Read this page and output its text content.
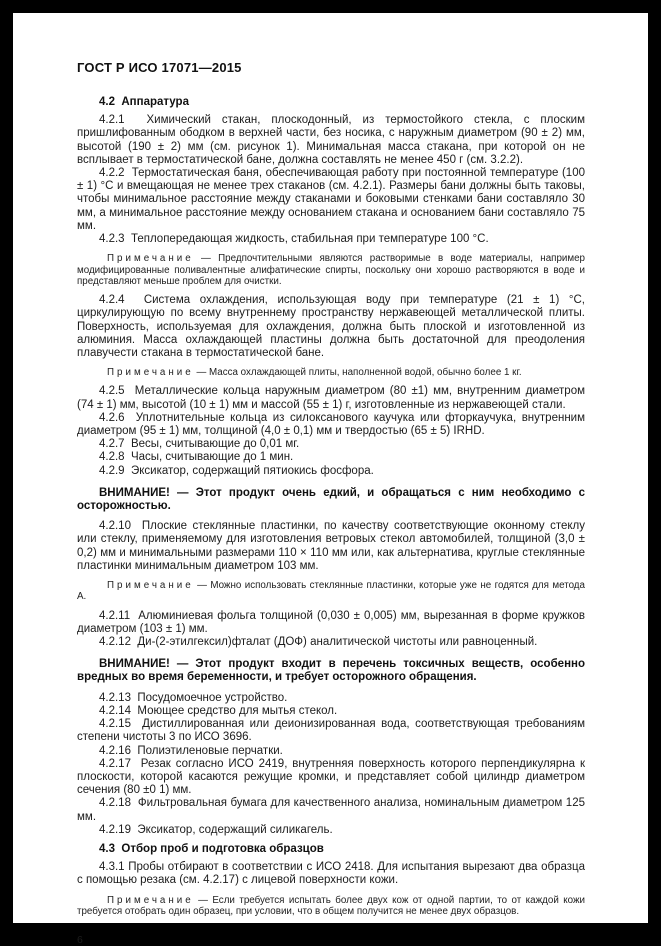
ГОСТ Р ИСО 17071—2015

4.2  Аппаратура

4.2.1  Химический стакан, плоскодонный, из термостойкого стекла, с плоским пришлифованным ободком в верхней части, без носика, с наружным диаметром (90 ± 2) мм, высотой (190 ± 2) мм (см. рисунок 1). Минимальная масса стакана, при которой он не всплывает в термостатической бане, должна составлять не менее 450 г (см. 3.2.2).

4.2.2  Термостатическая баня, обеспечивающая работу при постоянной температуре (100 ± 1) °С и вмещающая не менее трех стаканов (см. 4.2.1). Размеры бани должны быть таковы, чтобы минимальное расстояние между стаканами и боковыми стенками бани составляло 30 мм, а минимальное расстояние между основанием стакана и основанием бани составляло 75 мм.

4.2.3  Теплопередающая жидкость, стабильная при температуре 100 °С.

Примечание — Предпочтительными являются растворимые в воде материалы, например модифицированные поливалентные алифатические спирты, поскольку они хорошо растворяются в воде и представляют меньше проблем для очистки.

4.2.4  Система охлаждения, использующая воду при температуре (21 ± 1) °С, циркулирующую по всему внутреннему пространству нержавеющей металлической плиты. Поверхность, используемая для охлаждения, должна быть плоской и изготовленной из алюминия. Масса охлаждающей пластины должна быть достаточной для преодоления плавучести стакана в термостатической бане.

Примечание — Масса охлаждающей плиты, наполненной водой, обычно более 1 кг.

4.2.5  Металлические кольца наружным диаметром (80 ±1) мм, внутренним диаметром (74 ± 1) мм, высотой (10 ± 1) мм и массой (55 ± 1) г, изготовленные из нержавеющей стали.

4.2.6  Уплотнительные кольца из силоксанового каучука или фторкаучука, внутренним диаметром (95 ± 1) мм, толщиной (4,0 ± 0,1) мм и твердостью (65 ± 5) IRHD.

4.2.7  Весы, считывающие до 0,01 мг.

4.2.8  Часы, считывающие до 1 мин.

4.2.9  Эксикатор, содержащий пятиокись фосфора.

ВНИМАНИЕ! — Этот продукт очень едкий, и обращаться с ним необходимо с осторожностью.

4.2.10  Плоские стеклянные пластинки, по качеству соответствующие оконному стеклу или стеклу, применяемому для изготовления ветровых стекол автомобилей, толщиной (3,0 ± 0,2) мм и минимальными размерами 110 × 110 мм или, как альтернатива, круглые стеклянные пластинки минимальным диаметром 103 мм.

Примечание — Можно использовать стеклянные пластинки, которые уже не годятся для метода А.

4.2.11  Алюминиевая фольга толщиной (0,030 ± 0,005) мм, вырезанная в форме кружков диаметром (103 ± 1) мм.

4.2.12  Ди-(2-этилгексил)фталат (ДОФ) аналитической чистоты или равноценный.

ВНИМАНИЕ! — Этот продукт входит в перечень токсичных веществ, особенно вредных во время беременности, и требует осторожного обращения.

4.2.13  Посудомоечное устройство.

4.2.14  Моющее средство для мытья стекол.

4.2.15  Дистиллированная или деионизированная вода, соответствующая требованиям степени чистоты 3 по ИСО 3696.

4.2.16  Полиэтиленовые перчатки.

4.2.17  Резак согласно ИСО 2419, внутренняя поверхность которого перпендикулярна к плоскости, которой касаются режущие кромки, и представляет собой цилиндр диаметром сечения (80 ±0 1) мм.

4.2.18  Фильтровальная бумага для качественного анализа, номинальным диаметром 125 мм.

4.2.19  Эксикатор, содержащий силикагель.

4.3  Отбор проб и подготовка образцов

4.3.1 Пробы отбирают в соответствии с ИСО 2418. Для испытания вырезают два образца с помощью резака (см. 4.2.17) с лицевой поверхности кожи.

Примечание — Если требуется испытать более двух кож от одной партии, то от каждой кожи требуется отобрать один образец, при условии, что в общем получится не менее двух образцов.

6
